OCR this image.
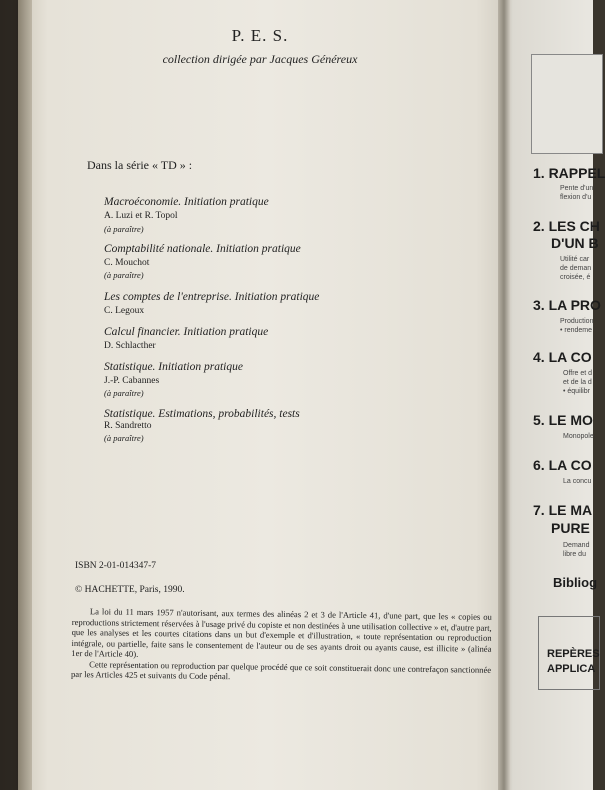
P. E. S.
collection dirigée par Jacques Généreux
Dans la série « TD » :
Macroéconomie. Initiation pratique
A. Luzi et R. Topol
(à paraître)
Comptabilité nationale. Initiation pratique
C. Mouchot
(à paraître)
Les comptes de l'entreprise. Initiation pratique
C. Legoux
Calcul financier. Initiation pratique
D. Schlacther
Statistique. Initiation pratique
J.-P. Cabannes
(à paraître)
Statistique. Estimations, probabilités, tests
R. Sandretto
(à paraître)
ISBN 2-01-014347-7
© HACHETTE, Paris, 1990.

La loi du 11 mars 1957 n'autorisant, aux termes des alinéas 2 et 3 de l'Article 41, d'une part, que les « copies ou reproductions strictement réservées à l'usage privé du copiste et non destinées à une utilisation collective » et, d'autre part, que les analyses et les courtes citations dans un but d'exemple et d'illustration, « toute représentation ou reproduction intégrale, ou partielle, faite sans le consentement de l'auteur ou de ses ayants droit ou ayants cause, est illicite » (alinéa 1er de l'Article 40).

Cette représentation ou reproduction par quelque procédé que ce soit constituerait donc une contrefaçon sanctionnée par les Articles 425 et suivants du Code pénal.

1. RAPPEL
Pente d'un
flexion d'u
2. LES CH
D'UN B
Utilité car
de deman
croisée, é
3. LA PRO
Production
• rendeme
4. LA CO
Offre et d
et de la d
• équilibr
5. LE MO
Monopole
6. LA CO
La concu
7. LE MA
PURE
Demand
libre du
Bibliog
REPÈRES
APPLICA
